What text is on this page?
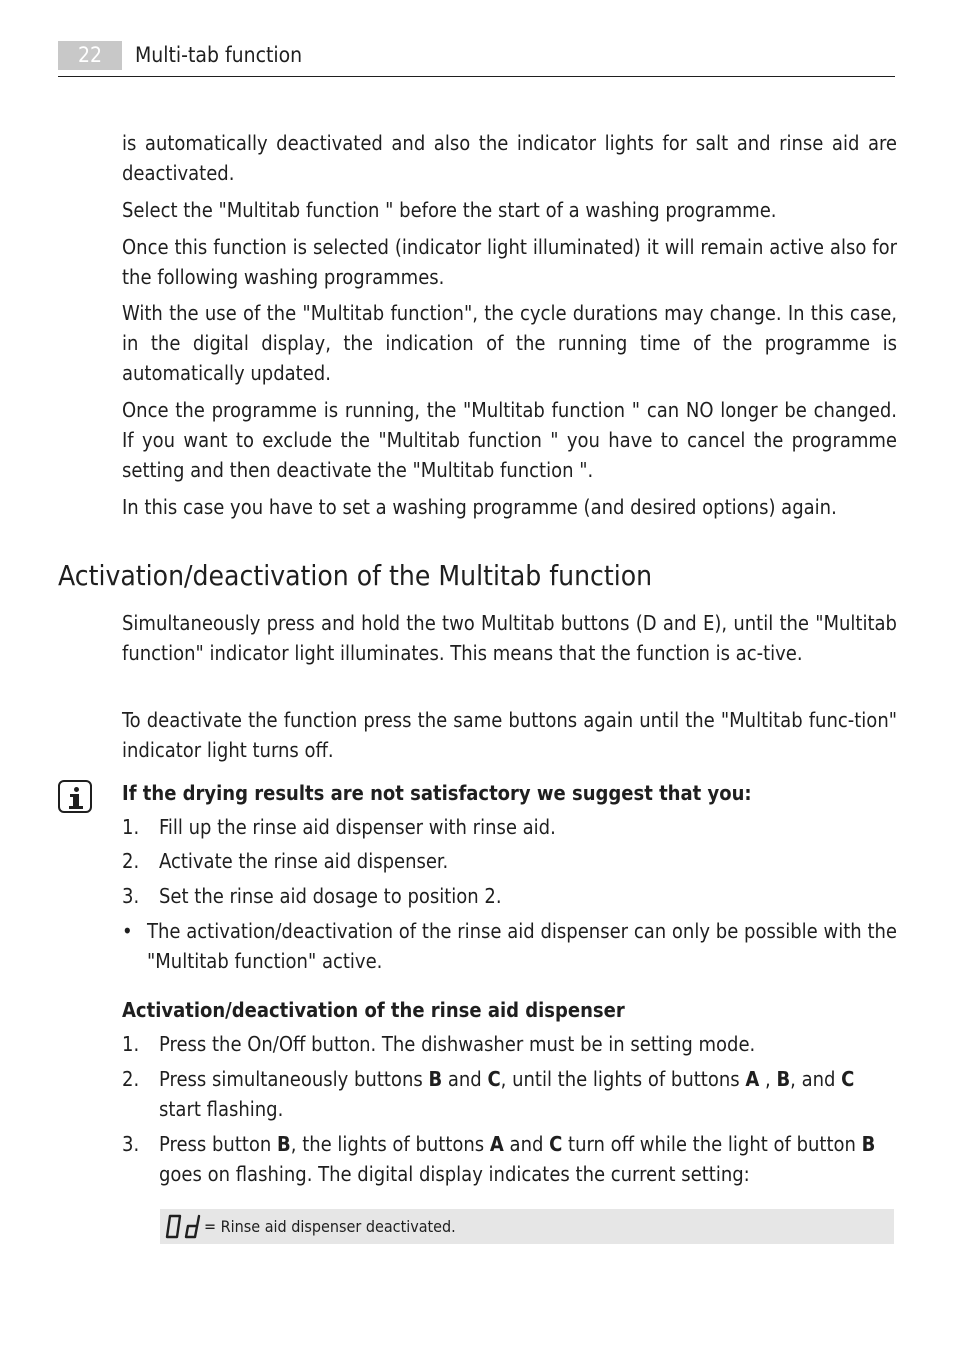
22	Multi-tab function

is automatically deactivated and also the indicator lights for salt and rinse aid are deactivated.

Select the "Multitab function " before the start of a washing programme.

Once this function is selected (indicator light illuminated) it will remain active also for the following washing programmes.

With the use of the "Multitab function", the cycle durations may change. In this case, in the digital display, the indication of the running time of the programme is automatically updated.

Once the programme is running, the "Multitab function " can NO longer be changed. If you want to exclude the "Multitab function " you have to cancel the programme setting and then deactivate the "Multitab function ".

In this case you have to set a washing programme (and desired options) again.

Activation/deactivation of the Multitab function

Simultaneously press and hold the two Multitab buttons (D and E), until the "Multitab function" indicator light illuminates. This means that the function is ac-tive.

To deactivate the function press the same buttons again until the "Multitab func-tion" indicator light turns off.

If the drying results are not satisfactory we suggest that you:

1. Fill up the rinse aid dispenser with rinse aid.
2. Activate the rinse aid dispenser.
3. Set the rinse aid dosage to position 2.
• The activation/deactivation of the rinse aid dispenser can only be possible with the "Multitab function" active.

Activation/deactivation of the rinse aid dispenser

1. Press the On/Off button. The dishwasher must be in setting mode.
2. Press simultaneously buttons B and C, until the lights of buttons A , B, and C start flashing.
3. Press button B, the lights of buttons A and C turn off while the light of button B goes on flashing. The digital display indicates the current setting:
= Rinse aid dispenser deactivated.
